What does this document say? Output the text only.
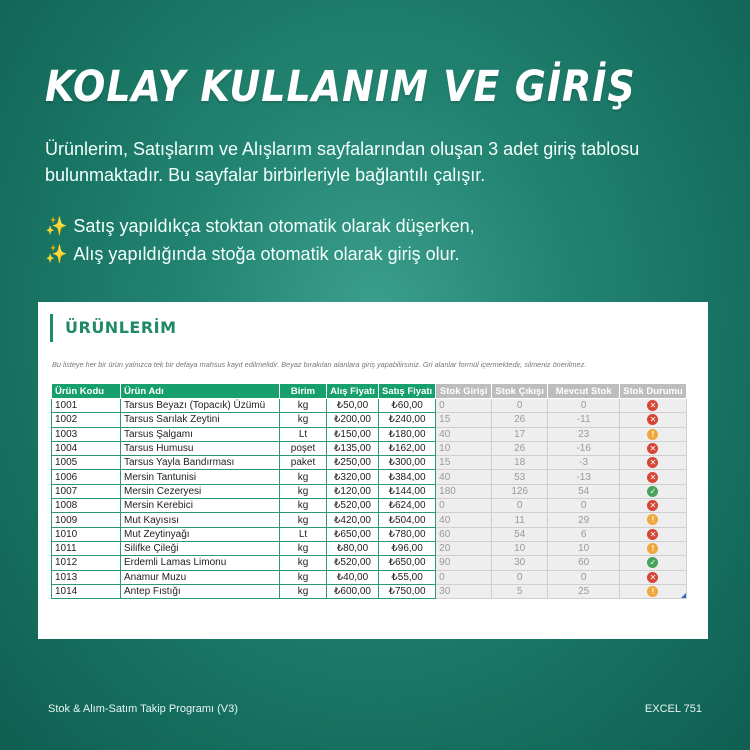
KOLAY KULLANIM VE GİRİŞ
Ürünlerim, Satışlarım ve Alışlarım sayfalarından oluşan 3 adet giriş tablosu bulunmaktadır. Bu sayfalar birbirleriyle bağlantılı çalışır.
✨ Satış yapıldıkça stoktan otomatik olarak düşerken,
✨ Alış yapıldığında stoğa otomatik olarak giriş olur.
ÜRÜNLERİM
Bu listeye her bir ürün yalnızca tek bir defaya mahsus kayıt edilmelidir. Beyaz bırakılan alanlara giriş yapabilirsiniz. Gri alanlar formül içermektedir, silmeniz önerilmez.
Ürün Kodu	Ürün Adı	Birim	Alış Fiyatı	Satış Fiyatı	Stok Girişi	Stok Çıkışı	Mevcut Stok	Stok Durumu
1001	Tarsus Beyazı (Topacık) Üzümü	kg	₺50,00	₺60,00	0	0	0	✕
1002	Tarsus Sarılak Zeytini	kg	₺200,00	₺240,00	15	26	-11	✕
1003	Tarsus Şalgamı	Lt	₺150,00	₺180,00	40	17	23	!
1004	Tarsus Humusu	poşet	₺135,00	₺162,00	10	26	-16	✕
1005	Tarsus Yayla Bandırması	paket	₺250,00	₺300,00	15	18	-3	✕
1006	Mersin Tantunisi	kg	₺320,00	₺384,00	40	53	-13	✕
1007	Mersin Cezeryesi	kg	₺120,00	₺144,00	180	126	54	✓
1008	Mersin Kerebici	kg	₺520,00	₺624,00	0	0	0	✕
1009	Mut Kayısısı	kg	₺420,00	₺504,00	40	11	29	!
1010	Mut Zeytinyağı	Lt	₺650,00	₺780,00	60	54	6	✕
1011	Silifke Çileği	kg	₺80,00	₺96,00	20	10	10	!
1012	Erdemli Lamas Limonu	kg	₺520,00	₺650,00	90	30	60	✓
1013	Anamur Muzu	kg	₺40,00	₺55,00	0	0	0	✕
1014	Antep Fıstığı	kg	₺600,00	₺750,00	30	5	25	!
Stok & Alım-Satım Takip Programı (V3)	EXCEL 751
